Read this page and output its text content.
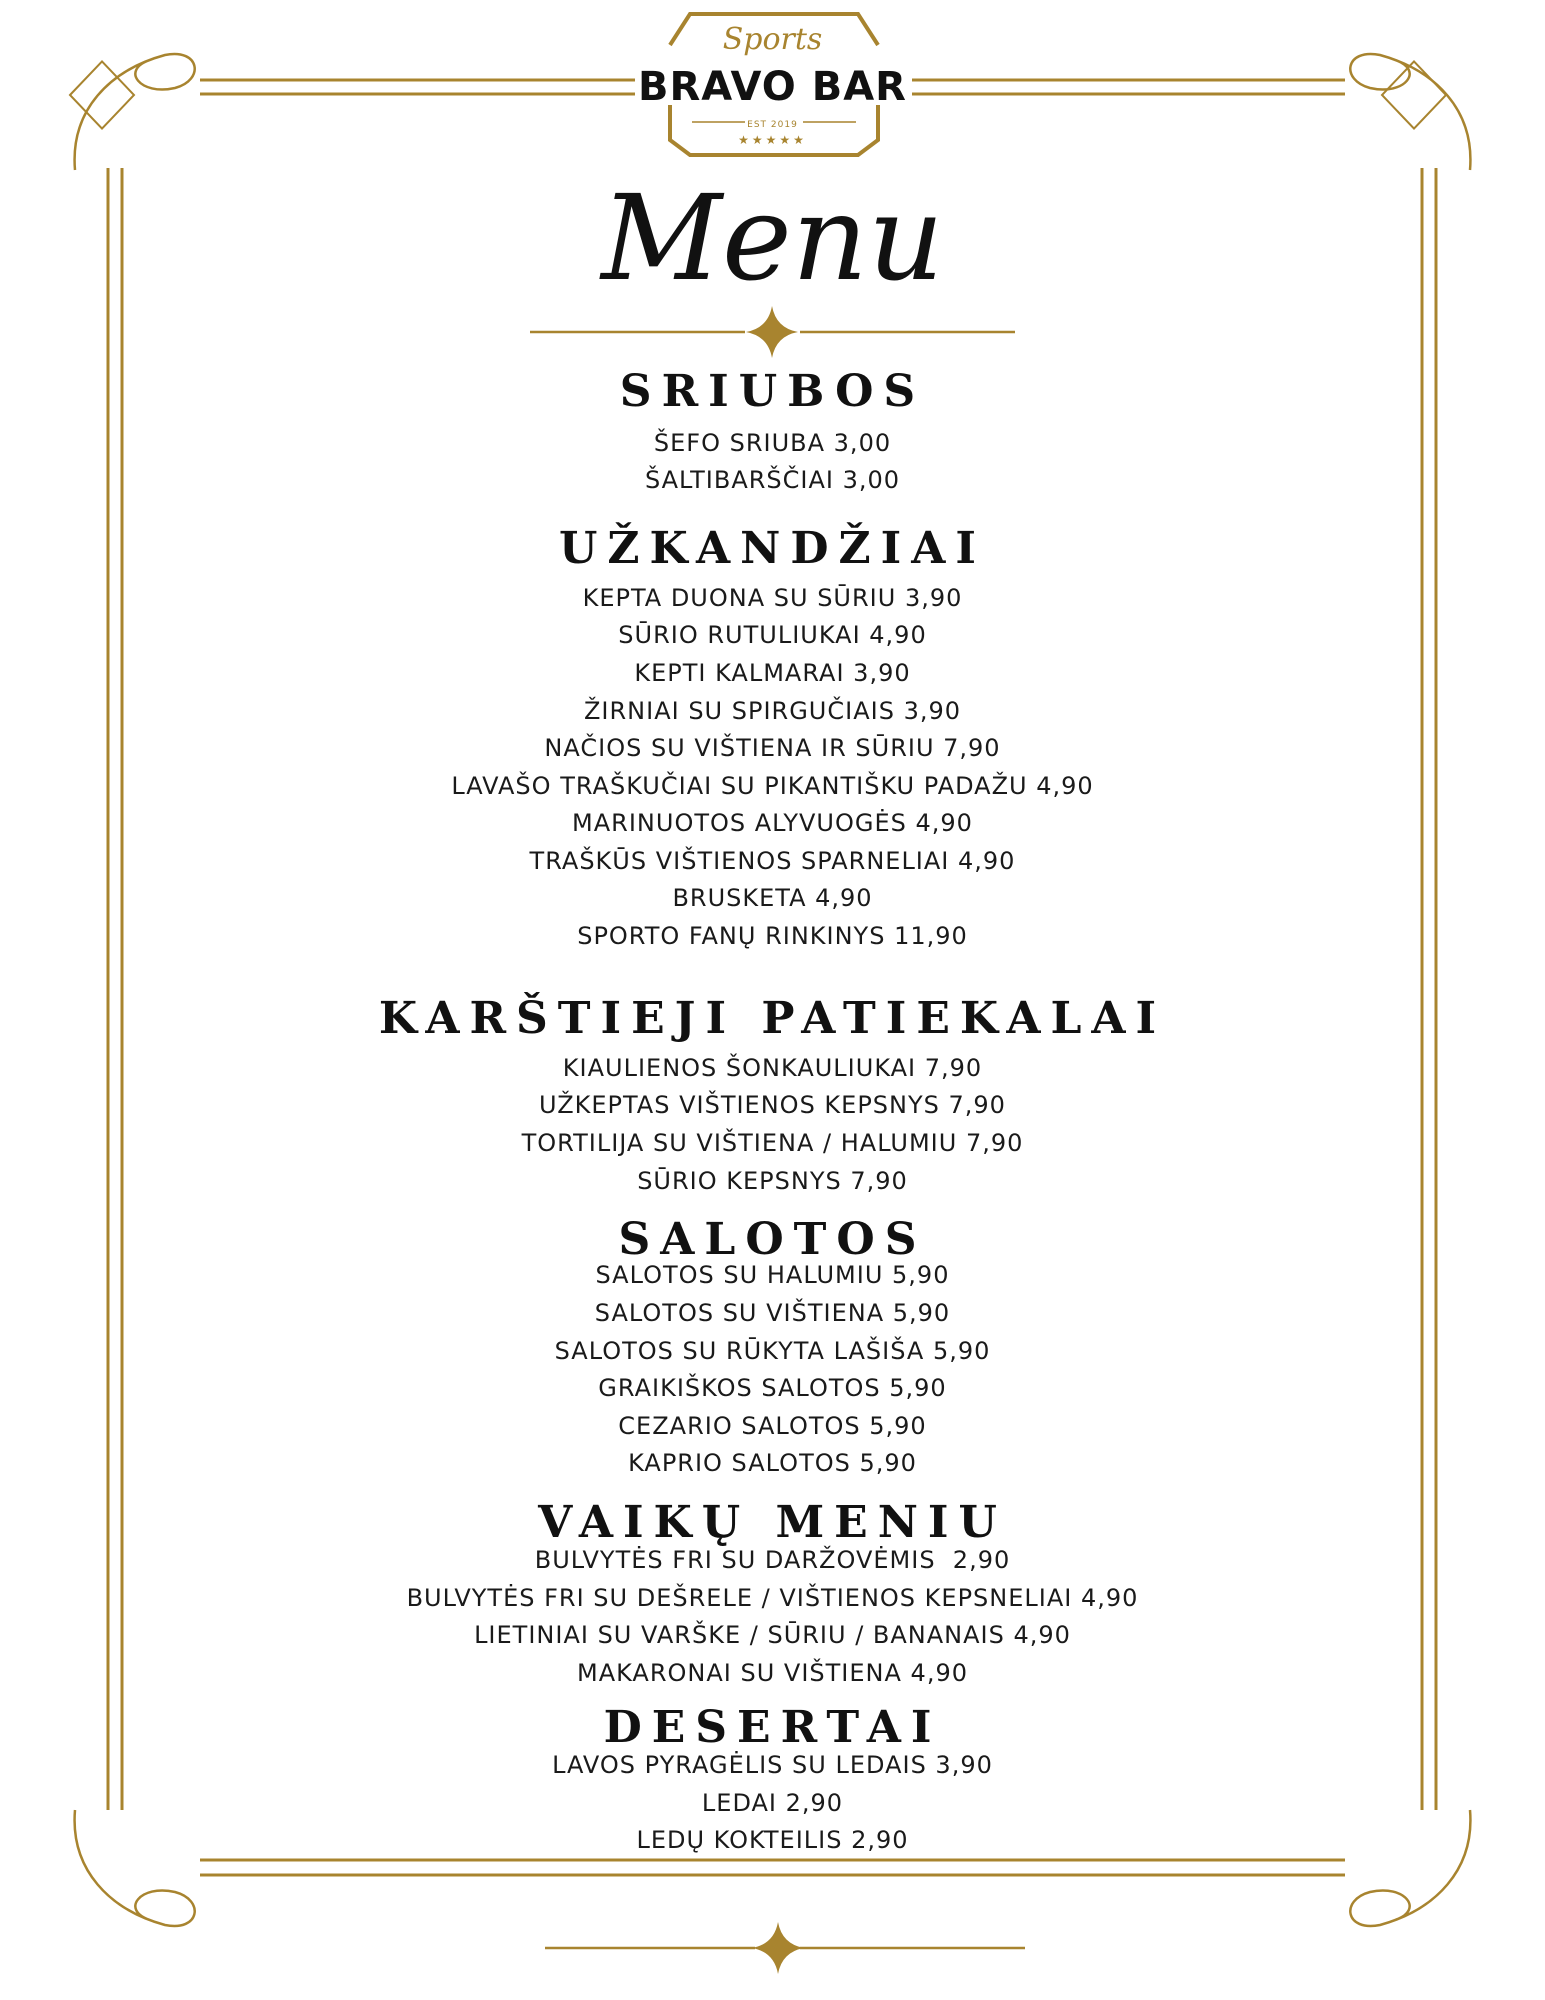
Sports
BRAVO BAR
EST 2019
★★★★★
Menu
SRIUBOS
ŠEFO SRIUBA 3,00
ŠALTIBARŠČIAI 3,00
UŽKANDŽIAI
KEPTA DUONA SU SŪRIU 3,90
SŪRIO RUTULIUKAI 4,90
KEPTI KALMARAI 3,90
ŽIRNIAI SU SPIRGUČIAIS 3,90
NAČIOS SU VIŠTIENA IR SŪRIU 7,90
LAVAŠO TRAŠKUČIAI SU PIKANTIŠKU PADAŽU 4,90
MARINUOTOS ALYVUOGĖS 4,90
TRAŠKŪS VIŠTIENOS SPARNELIAI 4,90
BRUSKETA 4,90
SPORTO FANŲ RINKINYS 11,90
KARŠTIEJI PATIEKALAI
KIAULIENOS ŠONKAULIUKAI 7,90
UŽKEPTAS VIŠTIENOS KEPSNYS 7,90
TORTILIJA SU VIŠTIENA / HALUMIU 7,90
SŪRIO KEPSNYS 7,90
SALOTOS
SALOTOS SU HALUMIU 5,90
SALOTOS SU VIŠTIENA 5,90
SALOTOS SU RŪKYTA LAŠIŠA 5,90
GRAIKIŠKOS SALOTOS 5,90
CEZARIO SALOTOS 5,90
KAPRIO SALOTOS 5,90
VAIKŲ MENIU
BULVYTĖS FRI SU DARŽOVĖMIS  2,90
BULVYTĖS FRI SU DEŠRELE / VIŠTIENOS KEPSNELIAI 4,90
LIETINIAI SU VARŠKE / SŪRIU / BANANAIS 4,90
MAKARONAI SU VIŠTIENA 4,90
DESERTAI
LAVOS PYRAGĖLIS SU LEDAIS 3,90
LEDAI 2,90
LEDŲ KOKTEILIS 2,90
